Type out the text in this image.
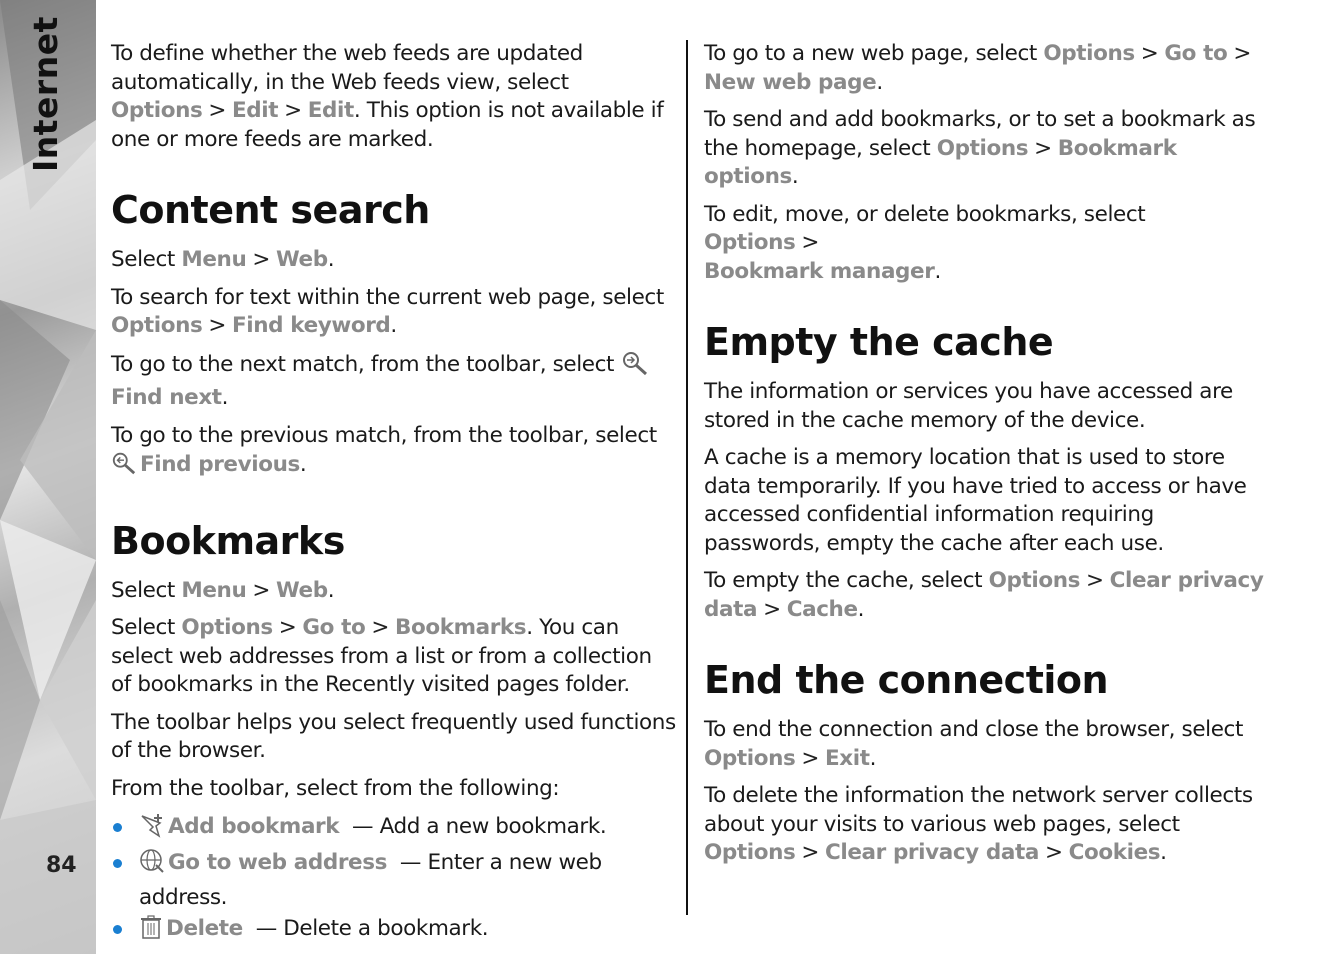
Internet
84

To define whether the web feeds are updated automatically, in the Web feeds view, select Options > Edit > Edit. This option is not available if one or more feeds are marked.

Content search

Select Menu > Web.

To search for text within the current web page, select Options > Find keyword.

To go to the next match, from the toolbar, select
Find next.

To go to the previous match, from the toolbar, select
Find previous.

Bookmarks

Select Menu > Web.

Select Options > Go to > Bookmarks. You can select web addresses from a list or from a collection of bookmarks in the Recently visited pages folder.

The toolbar helps you select frequently used functions of the browser.

From the toolbar, select from the following:

Add bookmark — Add a new bookmark.
Go to web address — Enter a new web address.
Delete — Delete a bookmark.

To go to a new web page, select Options > Go to >
New web page.

To send and add bookmarks, or to set a bookmark as the homepage, select Options > Bookmark options.

To edit, move, or delete bookmarks, select Options >
Bookmark manager.

Empty the cache

The information or services you have accessed are stored in the cache memory of the device.

A cache is a memory location that is used to store data temporarily. If you have tried to access or have accessed confidential information requiring passwords, empty the cache after each use.

To empty the cache, select Options > Clear privacy data > Cache.

End the connection

To end the connection and close the browser, select Options > Exit.

To delete the information the network server collects about your visits to various web pages, select Options > Clear privacy data > Cookies.
